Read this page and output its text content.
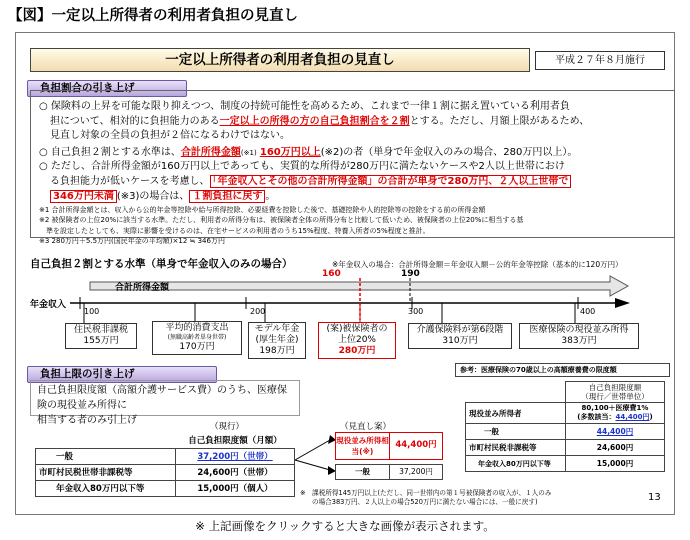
【図】一定以上所得者の利用者負担の見直し
一定以上所得者の利用者負担の見直し	平成２７年８月施行
負担割合の引き上げ

○ 保険料の上昇を可能な限り抑えつつ、制度の持続可能性を高めるため、これまで一律１割に据え置いている利用者負

担について、相対的に負担能力のある一定以上の所得の方の自己負担割合を２割とする。ただし、月額上限があるため、

見直し対象の全員の負担が２倍になるわけではない。

○ 自己負担２割とする水準は、合計所得金額(※1) 160万円以上(※2)の者（単身で年金収入のみの場合、280万円以上）。

○ ただし、合計所得金額が160万円以上であっても、実質的な所得が280万円に満たないケースや2人以上世帯におけ

る負担能力が低いケースを考慮し、 「年金収入とその他の合計所得金額」の合計が単身で280万円、２人以上世帯で

346万円未満 (※3)の場合は、 １割負担に戻す 。

※1 合計所得金額とは、収入から公的年金等控除や給与所得控除、必要経費を控除した後で、基礎控除や人的控除等の控除をする前の所得金額
※2 被保険者の上位20%に該当する水準。ただし、利用者の所得分布は、被保険者全体の所得分布と比較して低いため、被保険者の上位20%に相当する基
　準を設定したとしても、実際に影響を受けるのは、在宅サービスの利用者のうち15%程度、特養入所者の5%程度と推計。
※3 280万円＋5.5万円(国民年金の平均額)×12 ≒ 346万円
自己負担２割とする水準（単身で年金収入のみの場合）	※年金収入の場合：合計所得金額＝年金収入額－公的年金等控除（基本的に120万円）
160	190
合計所得金額
年金収入
100	200	300	400
住民税非課税
155万円
平均的消費支出
(無職高齢者単身世帯)
170万円
モデル年金
(厚生年金)
198万円
(案)被保険者の
上位20%
280万円
介護保険料が第6段階
310万円
医療保険の現役並み所得
383万円
負担上限の引き上げ
自己負担限度額（高額介護サービス費）のうち、医療保険の現役並み所得に
相当する者のみ引上げ
（現行）
	自己負担限度額（月額）
一般	37,200円（世帯）
市町村民税世帯非課税等	24,600円（世帯）
年金収入80万円以下等	15,000円（個人）
（見直し案）
現役並み所得相当(※)
44,400円
一般	37,200円
参考：医療保険の70歳以上の高額療養費の限度額

	自己負担限度額
（現行／世帯単位）

現役並み所得者	80,100＋医療費1%
(多数該当：44,400円)

一般	44,400円
市町村民税非課税等	24,600円
年金収入80万円以下等	15,000円
※　課税所得145万円以上(ただし、同一世帯内の第１号被保険者の収入が、１人のみ
の場合383万円、２人以上の場合520万円に満たない場合には、一般に戻す)	13
※ 上記画像をクリックすると大きな画像が表示されます。
